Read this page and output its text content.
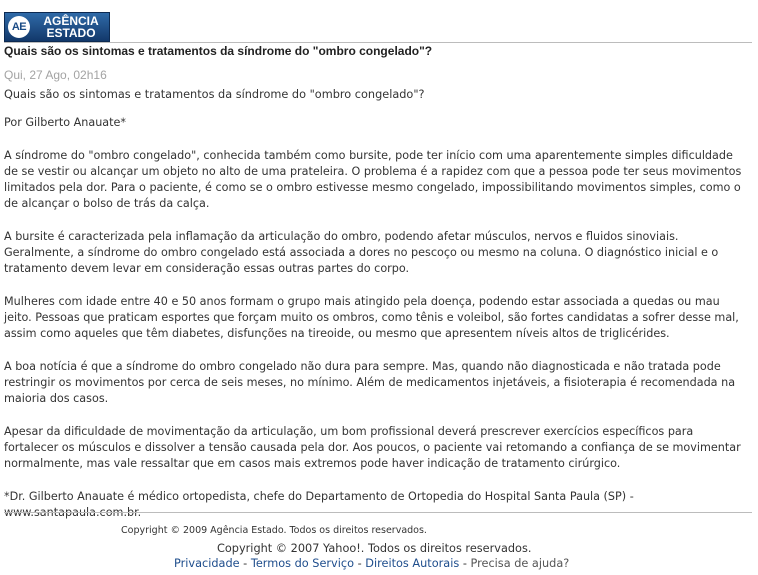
AE	AGÊNCIA
ESTADO
Quais são os sintomas e tratamentos da síndrome do "ombro congelado"?
Qui, 27 Ago, 02h16
Quais são os sintomas e tratamentos da síndrome do "ombro congelado"?

Por Gilberto Anauate*

A síndrome do "ombro congelado", conhecida também como bursite, pode ter início com uma aparentemente simples dificuldade de se vestir ou alcançar um objeto no alto de uma prateleira. O problema é a rapidez com que a pessoa pode ter seus movimentos limitados pela dor. Para o paciente, é como se o ombro estivesse mesmo congelado, impossibilitando movimentos simples, como o de alcançar o bolso de trás da calça.

A bursite é caracterizada pela inflamação da articulação do ombro, podendo afetar músculos, nervos e fluidos sinoviais. Geralmente, a síndrome do ombro congelado está associada a dores no pescoço ou mesmo na coluna. O diagnóstico inicial e o tratamento devem levar em consideração essas outras partes do corpo.

Mulheres com idade entre 40 e 50 anos formam o grupo mais atingido pela doença, podendo estar associada a quedas ou mau jeito. Pessoas que praticam esportes que forçam muito os ombros, como tênis e voleibol, são fortes candidatas a sofrer desse mal, assim como aqueles que têm diabetes, disfunções na tireoide, ou mesmo que apresentem níveis altos de triglicérides.

A boa notícia é que a síndrome do ombro congelado não dura para sempre. Mas, quando não diagnosticada e não tratada pode restringir os movimentos por cerca de seis meses, no mínimo. Além de medicamentos injetáveis, a fisioterapia é recomendada na maioria dos casos.

Apesar da dificuldade de movimentação da articulação, um bom profissional deverá prescrever exercícios específicos para fortalecer os músculos e dissolver a tensão causada pela dor. Aos poucos, o paciente vai retomando a confiança de se movimentar normalmente, mas vale ressaltar que em casos mais extremos pode haver indicação de tratamento cirúrgico.

*Dr. Gilberto Anauate é médico ortopedista, chefe do Departamento de Ortopedia do Hospital Santa Paula (SP) - www.santapaula.com.br.

Copyright © 2009 Agência Estado. Todos os direitos reservados.
Copyright © 2007 Yahoo!. Todos os direitos reservados.
Privacidade - Termos do Serviço - Direitos Autorais - Precisa de ajuda?
